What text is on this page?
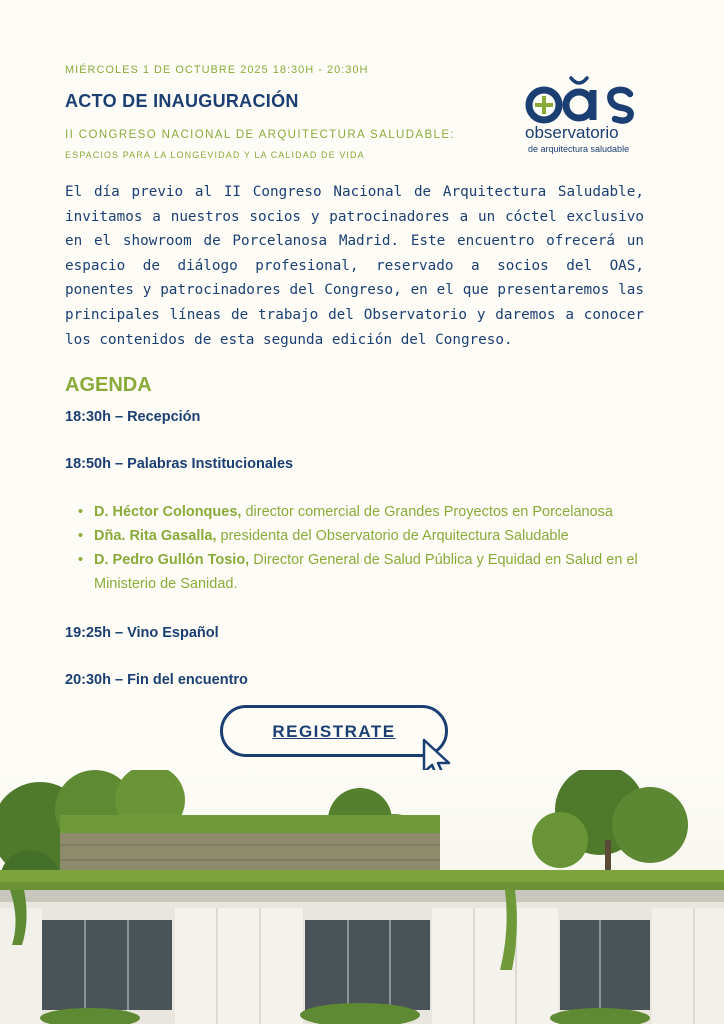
MIÉRCOLES 1 DE OCTUBRE 2025 18:30H - 20:30H
ACTO DE INAUGURACIÓN
II CONGRESO NACIONAL DE ARQUITECTURA SALUDABLE:
ESPACIOS PARA LA LONGEVIDAD Y LA CALIDAD DE VIDA
observatorio
de arquitectura saludable
El día previo al II Congreso Nacional de Arquitectura Saludable, invitamos a nuestros socios y patrocinadores a un cóctel exclusivo en el showroom de Porcelanosa Madrid. Este encuentro ofrecerá un espacio de diálogo profesional, reservado a socios del OAS, ponentes y patrocinadores del Congreso, en el que presentaremos las principales líneas de trabajo del Observatorio y daremos a conocer los contenidos de esta segunda edición del Congreso.
AGENDA
18:30h – Recepción
18:50h – Palabras Institucionales
• D. Héctor Colonques, director comercial de Grandes Proyectos en Porcelanosa
• Dña. Rita Gasalla, presidenta del Observatorio de Arquitectura Saludable
• D. Pedro Gullón Tosio, Director General de Salud Pública y Equidad en Salud en el Ministerio de Sanidad.
19:25h – Vino Español
20:30h – Fin del encuentro
REGISTRATE
